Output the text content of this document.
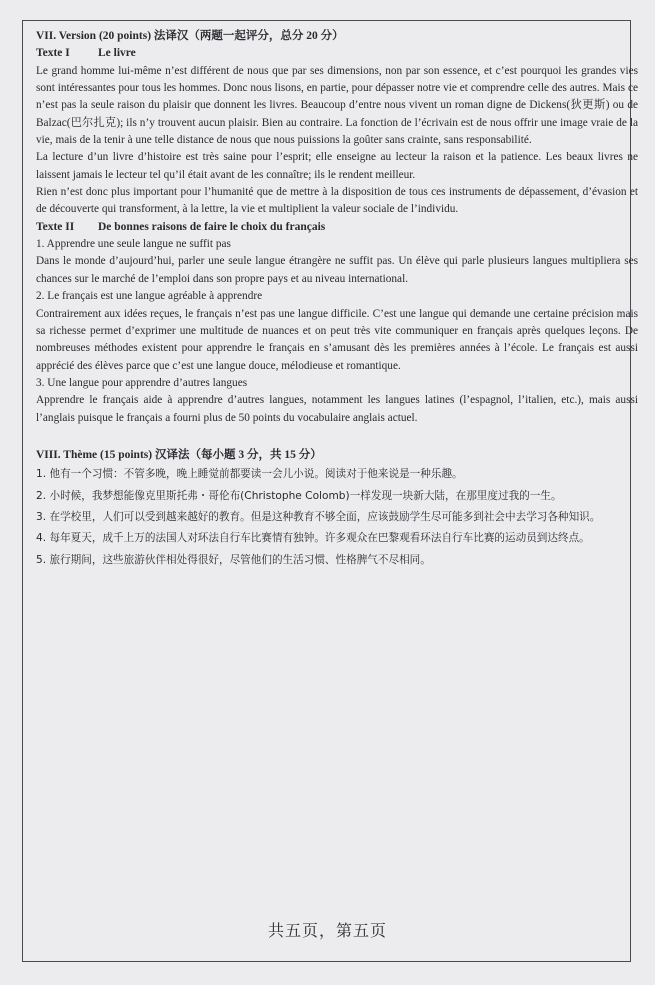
VII. Version (20 points) 法译汉（两题一起评分，总分 20 分）

Texte I Le livre

Le grand homme lui-même n’est différent de nous que par ses dimensions, non par son essence, et c’est pourquoi les grandes vies sont intéressantes pour tous les hommes. Donc nous lisons, en partie, pour dépasser notre vie et comprendre celle des autres. Mais ce n’est pas la seule raison du plaisir que donnent les livres. Beaucoup d’entre nous vivent un roman digne de Dickens(狄更斯) ou de Balzac(巴尔扎克); ils n’y trouvent aucun plaisir. Bien au contraire. La fonction de l’écrivain est de nous offrir une image vraie de la vie, mais de la tenir à une telle distance de nous que nous puissions la goûter sans crainte, sans responsabilité.

La lecture d’un livre d’histoire est très saine pour l’esprit; elle enseigne au lecteur la raison et la patience. Les beaux livres ne laissent jamais le lecteur tel qu’il était avant de les connaître; ils le rendent meilleur.

Rien n’est donc plus important pour l’humanité que de mettre à la disposition de tous ces instruments de dépassement, d’évasion et de découverte qui transforment, à la lettre, la vie et multiplient la valeur sociale de l’individu.

Texte II De bonnes raisons de faire le choix du français

1. Apprendre une seule langue ne suffit pas

Dans le monde d’aujourd’hui, parler une seule langue étrangère ne suffit pas. Un élève qui parle plusieurs langues multipliera ses chances sur le marché de l’emploi dans son propre pays et au niveau international.

2. Le français est une langue agréable à apprendre

Contrairement aux idées reçues, le français n’est pas une langue difficile. C’est une langue qui demande une certaine précision mais sa richesse permet d’exprimer une multitude de nuances et on peut très vite communiquer en français après quelques leçons. De nombreuses méthodes existent pour apprendre le français en s’amusant dès les premières années à l’école. Le français est aussi apprécié des élèves parce que c’est une langue douce, mélodieuse et romantique.

3. Une langue pour apprendre d’autres langues

Apprendre le français aide à apprendre d’autres langues, notamment les langues latines (l’espagnol, l’italien, etc.), mais aussi l’anglais puisque le français a fourni plus de 50 points du vocabulaire anglais actuel.

VIII. Thème (15 points) 汉译法（每小题 3 分，共 15 分）

1. 他有一个习惯：不管多晚，晚上睡觉前都要读一会儿小说。阅读对于他来说是一种乐趣。

2. 小时候，我梦想能像克里斯托弗・哥伦布(Christophe Colomb)一样发现一块新大陆，在那里度过我的一生。

3. 在学校里，人们可以受到越来越好的教育。但是这种教育不够全面，应该鼓励学生尽可能多到社会中去学习各种知识。

4. 每年夏天，成千上万的法国人对环法自行车比赛情有独钟。许多观众在巴黎观看环法自行车比赛的运动员到达终点。

5. 旅行期间，这些旅游伙伴相处得很好，尽管他们的生活习惯、性格脾气不尽相同。

共五页，第五页
